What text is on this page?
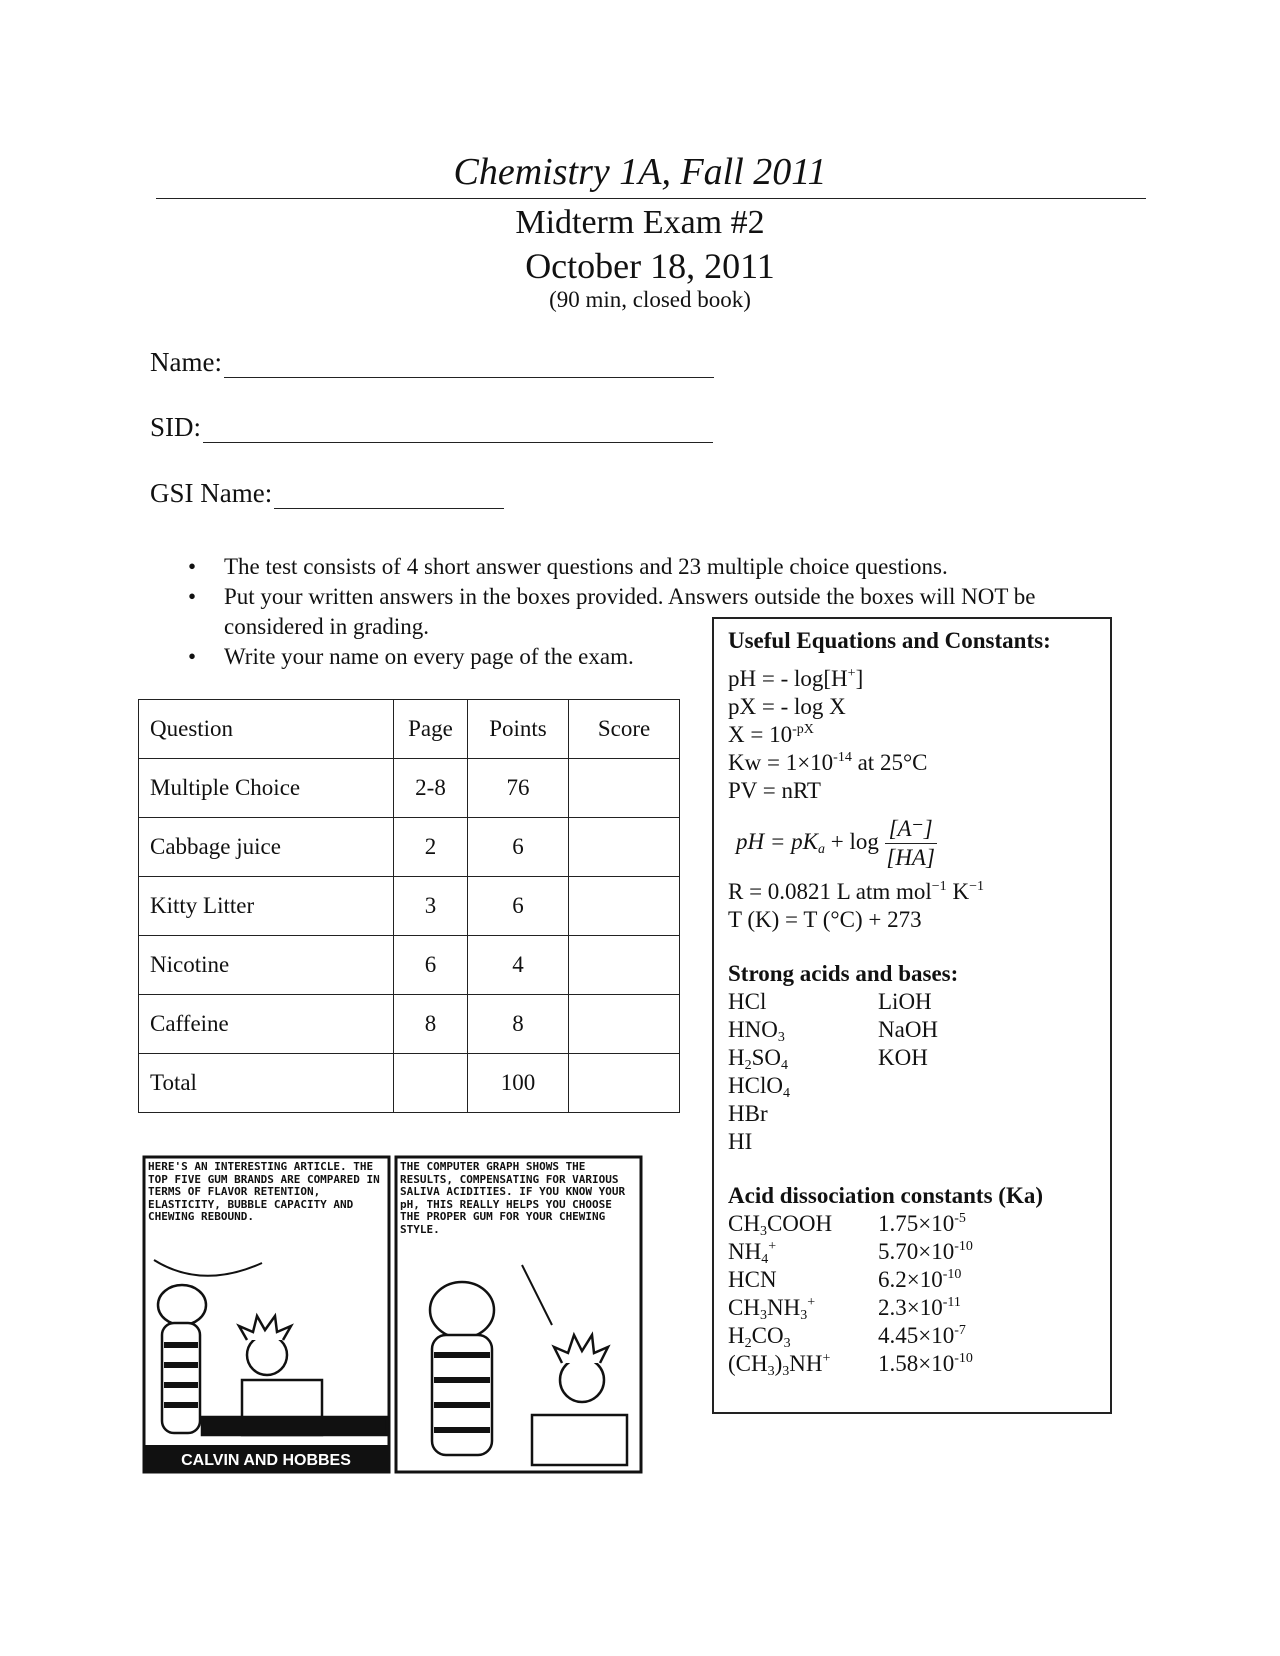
Chemistry 1A, Fall 2011
Midterm Exam #2
October 18, 2011
(90 min, closed book)
Name:
SID:
GSI Name:
• The test consists of 4 short answer questions and 23 multiple choice questions.
• Put your written answers in the boxes provided. Answers outside the boxes will NOT be
considered in grading.
• Write your name on every page of the exam.
Question	Page	Points	Score
Multiple Choice	2-8	76	
Cabbage juice	2	6	
Kitty Litter	3	6	
Nicotine	6	4	
Caffeine	8	8	
Total		100	
Useful Equations and Constants:
pH = - log[H+]
pX = - log X
$X = 10^{-pX}$
$Kw = 1\times 10^{-14}$ at 25°C
PV = nRT
pH = $pK_a + \log \frac{[A^-]}{[HA]}$
R = 0.0821 L atm mol$^{-1}$ $K^{-1}$
T (K) = T (°C) + 273
Strong acids and bases:
HCl	LiOH
$HNO_3$	NaOH
$H_2SO_4$	KOH
HClO$_4$
HBr
HI
Acid dissociation constants (Ka)
$CH_3COOH$	$1.75\times 10^{-5}$
$NH_4^+$	$5.70\times 10^{-10}$
HCN	$6.2\times 10^{-10}$
$CH_3NH_3^+$	$2.3\times 10^{-11}$
$H_2CO_3$	$4.45\times 10^{-7}$
$(CH_3)_3NH^+$	$1.58\times 10^{-10}$
CALVIN AND HOBBES
HERE'S AN INTERESTING ARTICLE. THE TOP FIVE GUM BRANDS ARE COMPARED IN TERMS OF FLAVOR RETENTION, ELASTICITY, BUBBLE CAPACITY AND CHEWING REBOUND.
THE COMPUTER GRAPH SHOWS THE RESULTS, COMPENSATING FOR VARIOUS SALIVA ACIDITIES. IF YOU KNOW YOUR pH, THIS REALLY HELPS YOU CHOOSE THE PROPER GUM FOR YOUR CHEWING STYLE.
